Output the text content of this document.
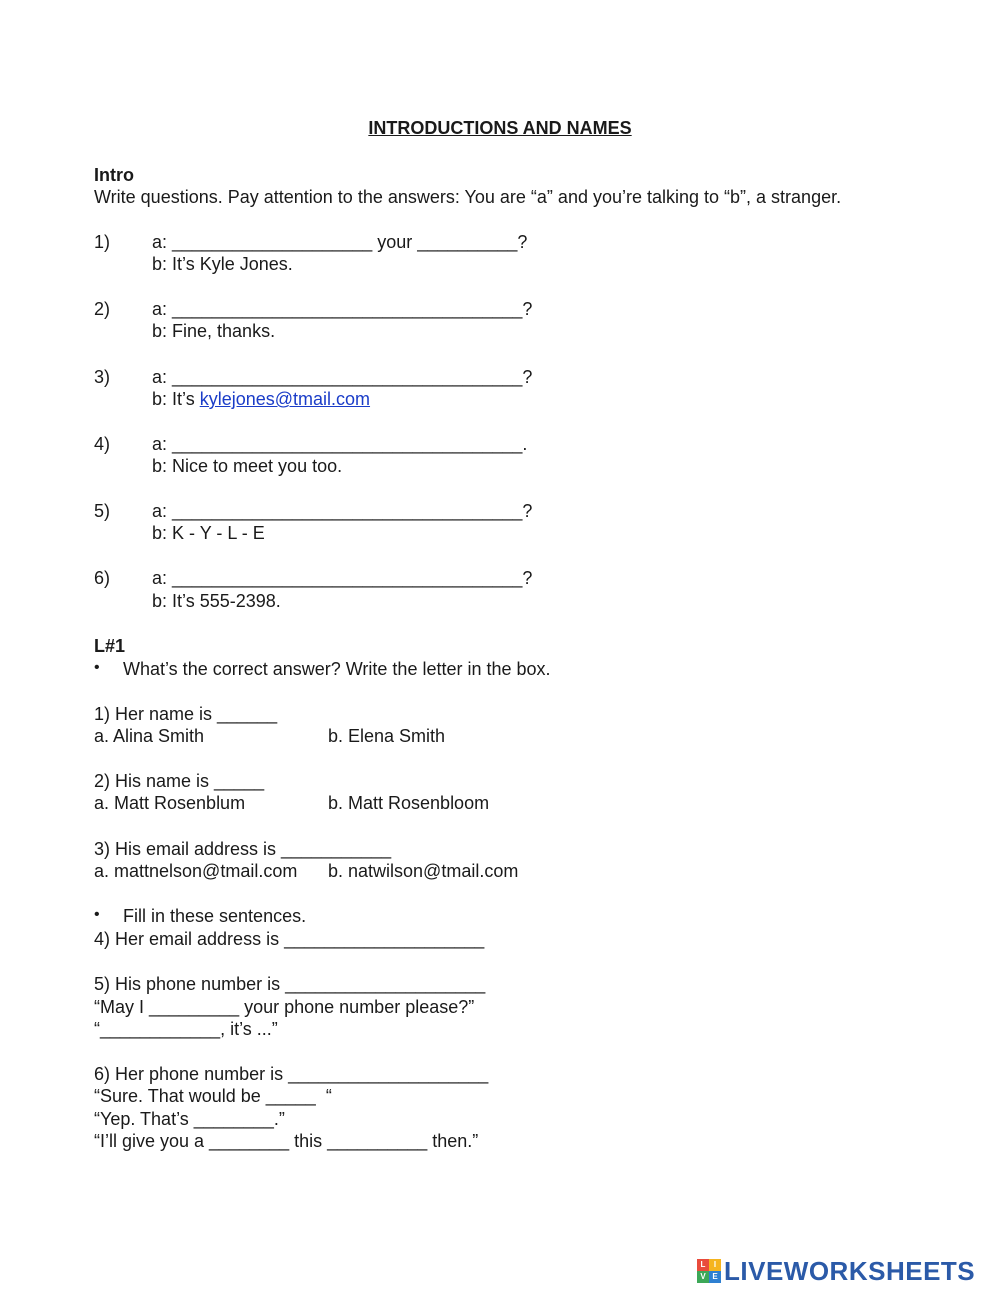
INTRODUCTIONS AND NAMES
Intro
Write questions. Pay attention to the answers: You are “a” and you’re talking to “b”, a stranger.
1) a: ____________________ your __________?
b: It’s Kyle Jones.
2) a: ___________________________________?
b: Fine, thanks.
3) a: ___________________________________?
b: It’s kylejones@tmail.com
4) a: ___________________________________.
b: Nice to meet you too.
5) a: ___________________________________?
b: K - Y - L - E
6) a: ___________________________________?
b: It’s 555-2398.
L#1
• What’s the correct answer? Write the letter in the box.
1) Her name is ______
a. Alina Smith	b. Elena Smith
2) His name is _____
a. Matt Rosenblum	b. Matt Rosenbloom
3) His email address is ___________
a. mattnelson@tmail.com b. natwilson@tmail.com
• Fill in these sentences.
4) Her email address is ____________________
5) His phone number is ____________________
“May I _________ your phone number please?”
“____________, it’s ...”
6) Her phone number is ____________________
“Sure. That would be _____  “
“Yep. That’s ________.”
“I’ll give you a ________ this __________ then.”
L	I
V E LIVEWORKSHEETS
